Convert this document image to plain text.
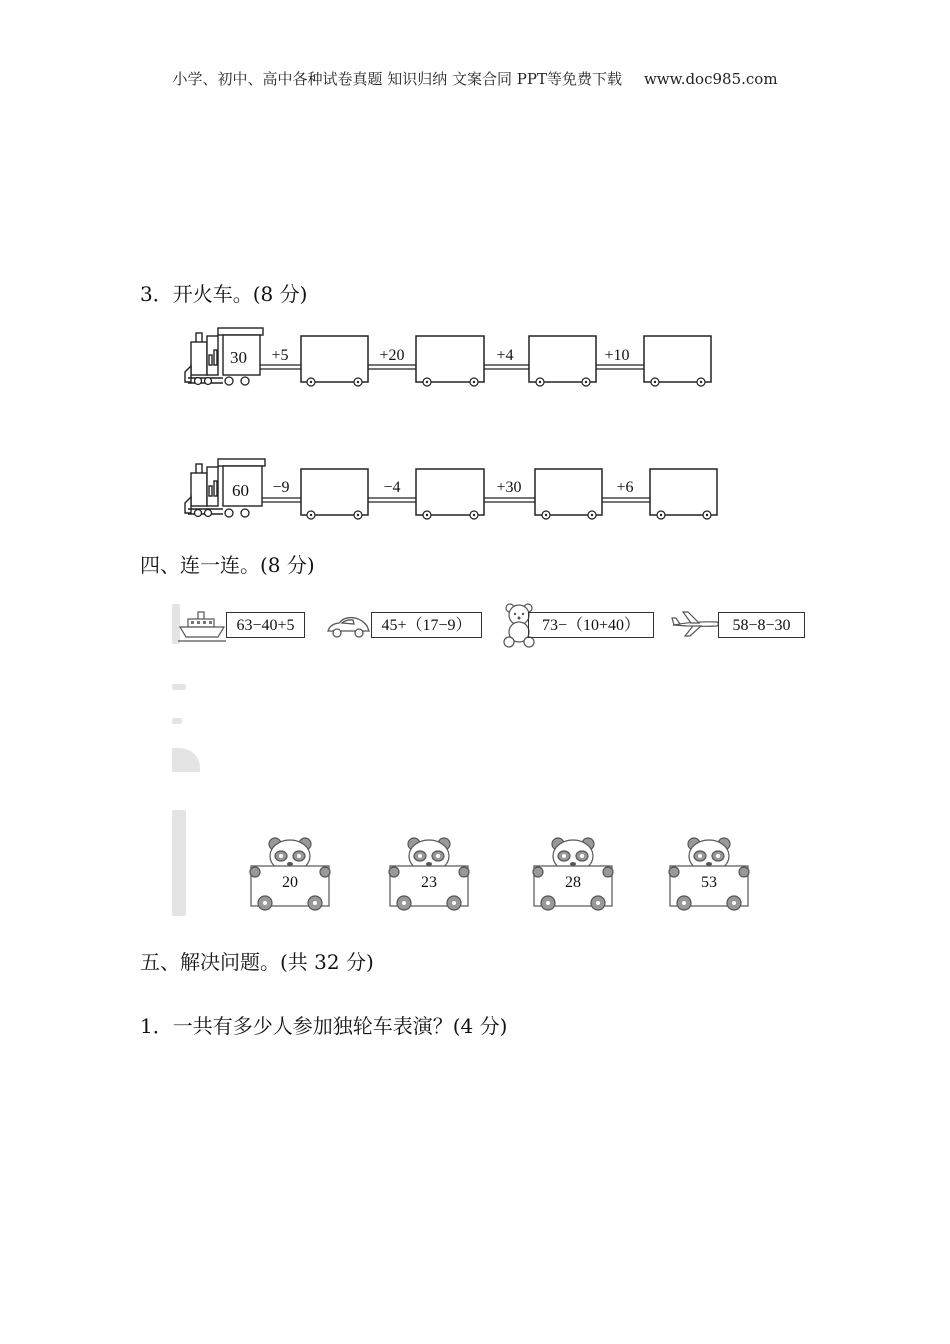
小学、初中、高中各种试卷真题 知识归纳 文案合同 PPT等免费下载 www.doc985.com
3．开火车。(8 分)
30	+5	+20	+4	+10
60	−9	−4	+30	+6
四、连一连。(8 分)
63−40+5	45+（17−9）	73−（10+40）	58−8−30
20	23	28	53
五、解决问题。(共 32 分)
1．一共有多少人参加独轮车表演？(4 分)
